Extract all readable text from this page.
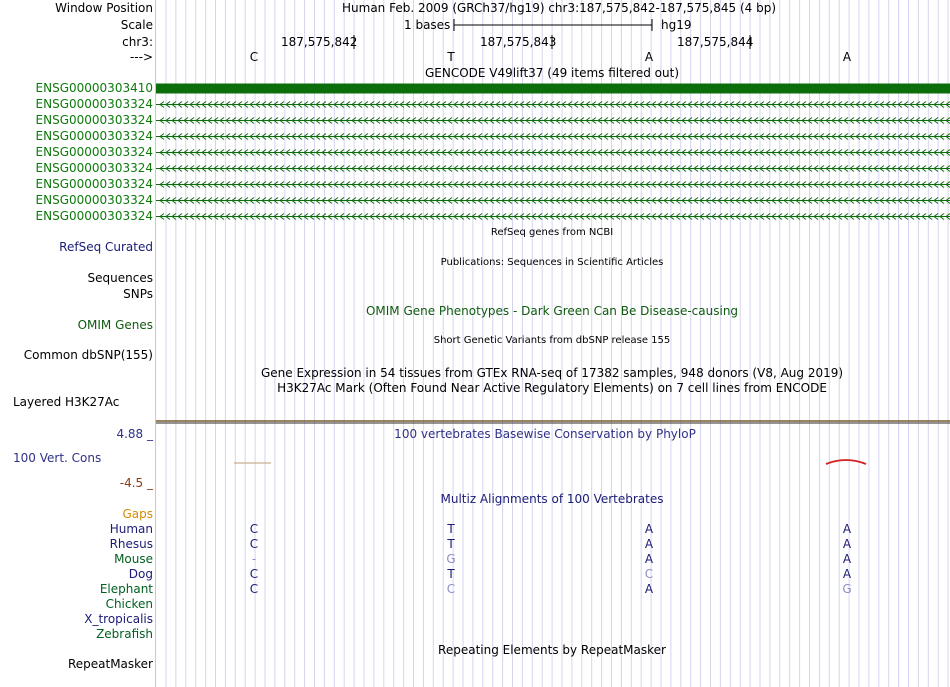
Window Position	Human Feb. 2009 (GRCh37/hg19) chr3:187,575,842-187,575,845 (4 bp)
Scale	1 bases	hg19
chr3:	187,575,842	187,575,843	187,575,844
--->	C	T	A	A
GENCODE V49lift37 (49 items filtered out)
ENSG00000303410
ENSG00000303324
ENSG00000303324
ENSG00000303324
ENSG00000303324
ENSG00000303324
ENSG00000303324
ENSG00000303324
ENSG00000303324
RefSeq genes from NCBI
RefSeq Curated
Publications: Sequences in Scientific Articles
Sequences
SNPs
OMIM Gene Phenotypes - Dark Green Can Be Disease-causing
OMIM Genes
Short Genetic Variants from dbSNP release 155
Common dbSNP(155)
Gene Expression in 54 tissues from GTEx RNA-seq of 17382 samples, 948 donors (V8, Aug 2019)
H3K27Ac Mark (Often Found Near Active Regulatory Elements) on 7 cell lines from ENCODE
Layered H3K27Ac
4.88 _	100 vertebrates Basewise Conservation by PhyloP
100 Vert. Cons
-4.5 _
Multiz Alignments of 100 Vertebrates
Gaps
Human	C	T	A	A
Rhesus	C	T	A	A
Mouse	-	G	A	A
Dog	C	T	C	A
Elephant	C	C	A	G
Chicken
X_tropicalis
Zebrafish
Repeating Elements by RepeatMasker
RepeatMasker
